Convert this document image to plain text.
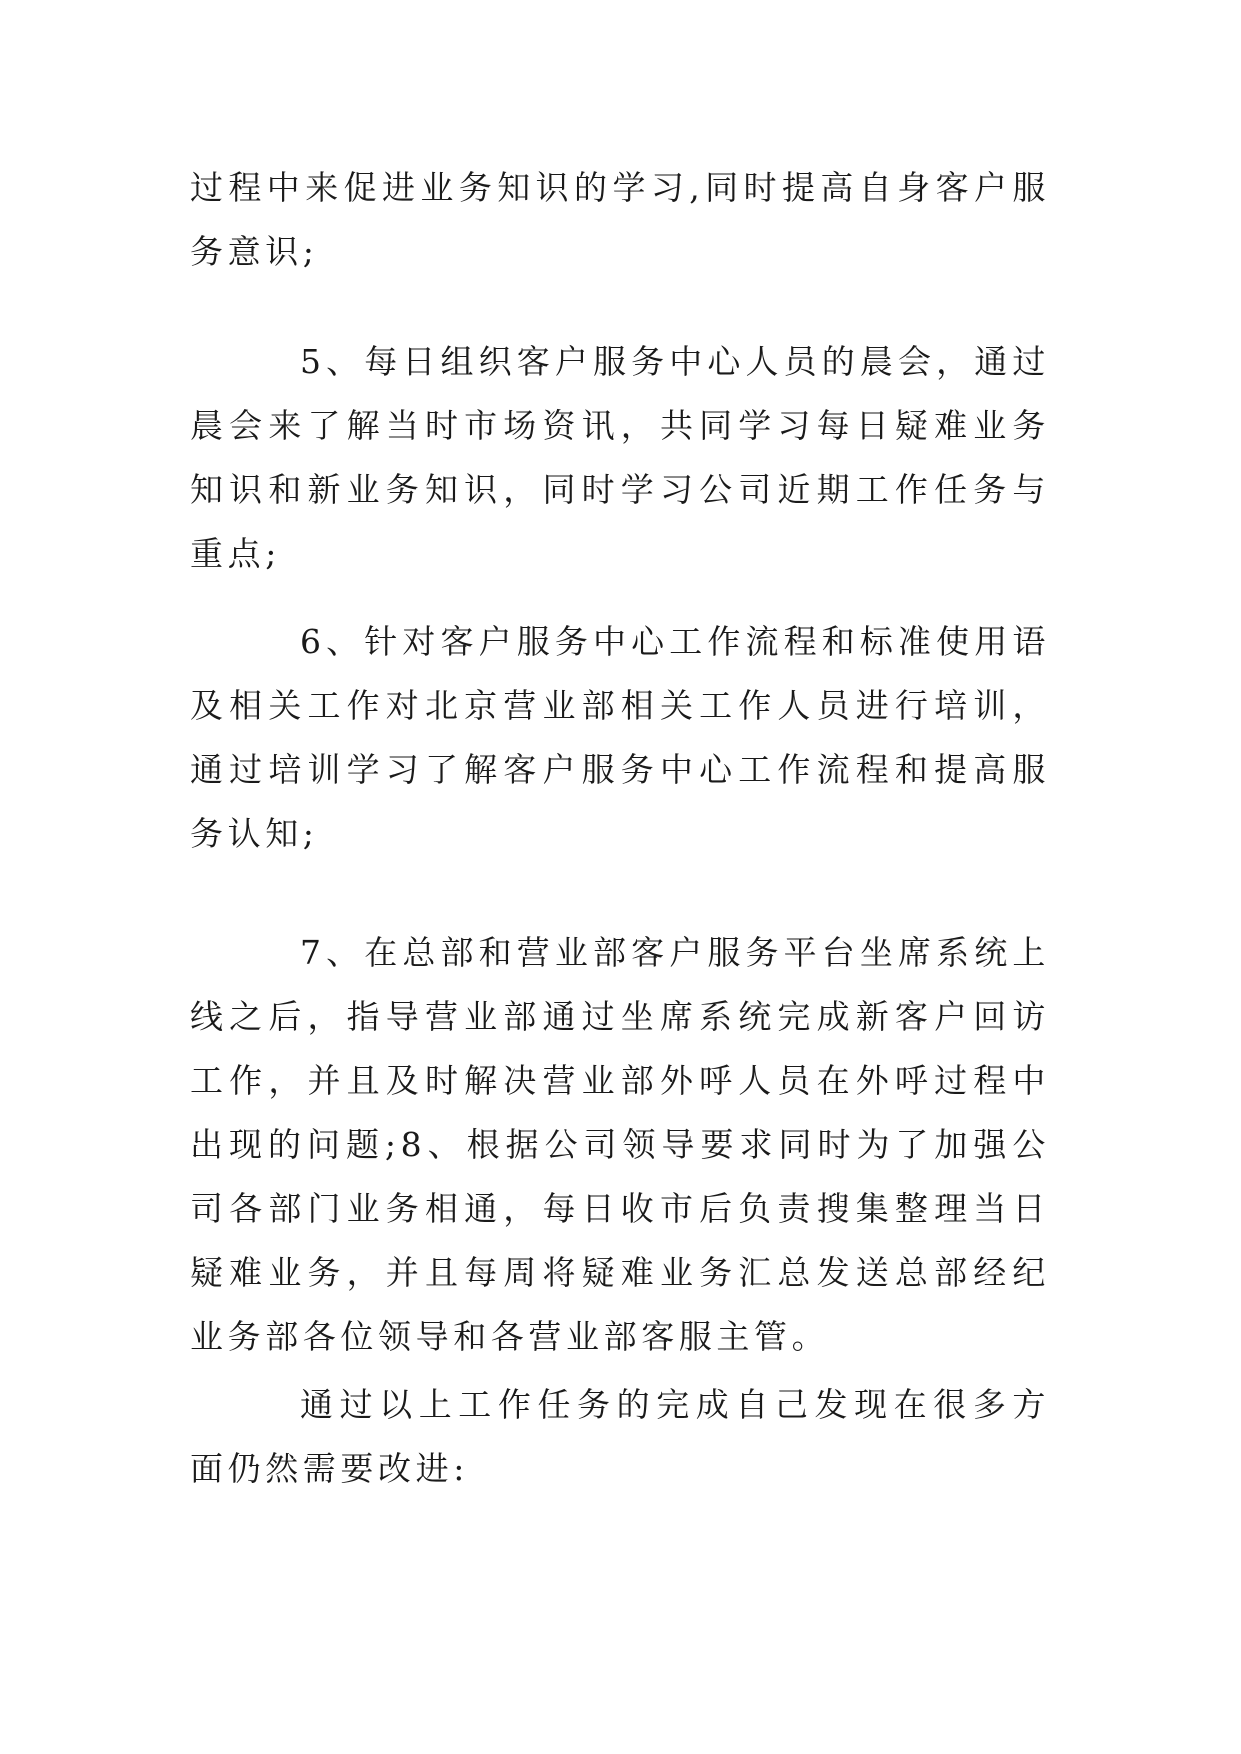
过程中来促进业务知识的学习,同时提高自身客户服务意识;

5、每日组织客户服务中心人员的晨会，通过晨会来了解当时市场资讯，共同学习每日疑难业务知识和新业务知识，同时学习公司近期工作任务与重点;

6、针对客户服务中心工作流程和标准使用语及相关工作对北京营业部相关工作人员进行培训，通过培训学习了解客户服务中心工作流程和提高服务认知;

7、在总部和营业部客户服务平台坐席系统上线之后，指导营业部通过坐席系统完成新客户回访工作，并且及时解决营业部外呼人员在外呼过程中出现的问题;8、根据公司领导要求同时为了加强公司各部门业务相通，每日收市后负责搜集整理当日疑难业务，并且每周将疑难业务汇总发送总部经纪业务部各位领导和各营业部客服主管。

通过以上工作任务的完成自己发现在很多方面仍然需要改进:
